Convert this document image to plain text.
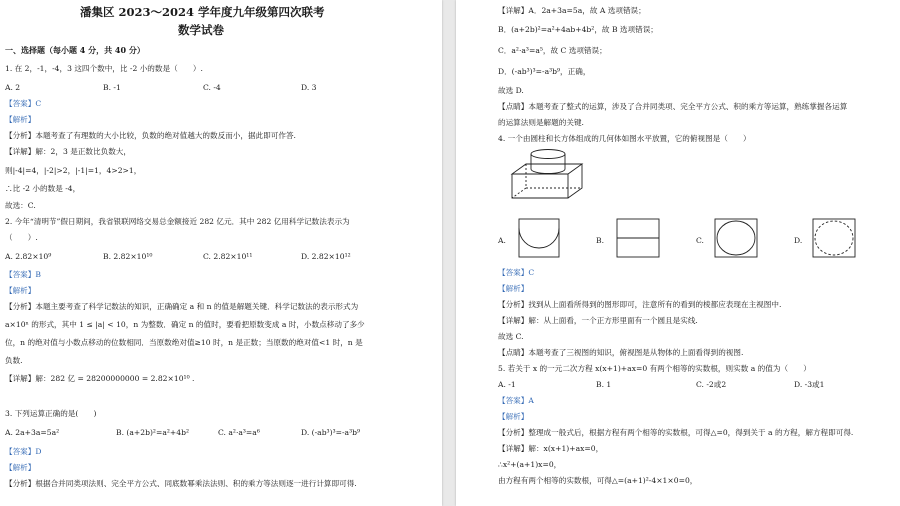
潘集区 2023～2024 学年度九年级第四次联考
数学试卷
一、选择题（每小题 4 分，共 40 分）
1. 在 2，-1，-4，3 这四个数中，比 -2 小的数是（　　）.
A. 2	B. -1	C. -4	D. 3
【答案】C
【解析】
【分析】本题考查了有理数的大小比较，负数的绝对值越大的数反而小，据此即可作答.
【详解】解：2，3 是正数比负数大，
则|-4|=4，|-2|>2，|-1|=1，4>2>1，
∴比 -2 小的数是 -4，
故选：C.
2. 今年“清明节”假日期间，我省银联网络交易总金额接近 282 亿元．其中 282 亿用科学记数法表示为
（　　）.
A. 2.82×10⁹	B. 2.82×10¹⁰	C. 2.82×10¹¹	D. 2.82×10¹²
【答案】B
【解析】
【分析】本题主要考查了科学记数法的知识，正确确定 a 和 n 的值是解题关键．科学记数法的表示形式为
a×10ⁿ 的形式，其中 1 ≤ |a| < 10，n 为整数．确定 n 的值时，要看把原数变成 a 时，小数点移动了多少
位，n 的绝对值与小数点移动的位数相同．当原数绝对值≥10 时，n 是正数；当原数的绝对值<1 时，n 是
负数.
【详解】解：282 亿 = 28200000000 = 2.82×10¹⁰ .
3. 下列运算正确的是(　　)
A. 2a+3a=5a²	B. (a+2b)²=a²+4b²	C. a²·a³=a⁶	D. (-ab³)³=-a³b⁹
【答案】D
【解析】
【分析】根据合并同类项法则、完全平方公式、同底数幂乘法法则、积的乘方等法则逐一进行计算即可得.
【详解】A．2a+3a=5a，故 A 选项错误；
B．(a+2b)²=a²+4ab+4b²，故 B 选项错误；
C．a²·a³=a⁵，故 C 选项错误；
D．(-ab³)³=-a³b⁹，正确，
故选 D.
【点睛】本题考查了整式的运算，涉及了合并同类项、完全平方公式、积的乘方等运算，熟练掌握各运算
的运算法则是解题的关键.
4. 一个由圆柱和长方体组成的几何体如图水平放置，它的俯视图是（　　）
A.	B.	C.	D.
【答案】C
【解析】
【分析】找到从上面看所得到的图形即可，注意所有的看到的棱都应表现在主视图中.
【详解】解：从上面看，一个正方形里面有一个圆且是实线.
故选 C.
【点睛】本题考查了三视图的知识，俯视图是从物体的上面看得到的视图.
5. 若关于 x 的一元二次方程 x(x+1)+ax=0 有两个相等的实数根，则实数 a 的值为（　　）
A. -1	B. 1	C. -2或2	D. -3或1
【答案】A
【解析】
【分析】整理成一般式后，根据方程有两个相等的实数根，可得△=0，得到关于 a 的方程，解方程即可得.
【详解】解：x(x+1)+ax=0，
∴x²+(a+1)x=0，
由方程有两个相等的实数根，可得△=(a+1)²-4×1×0=0，
